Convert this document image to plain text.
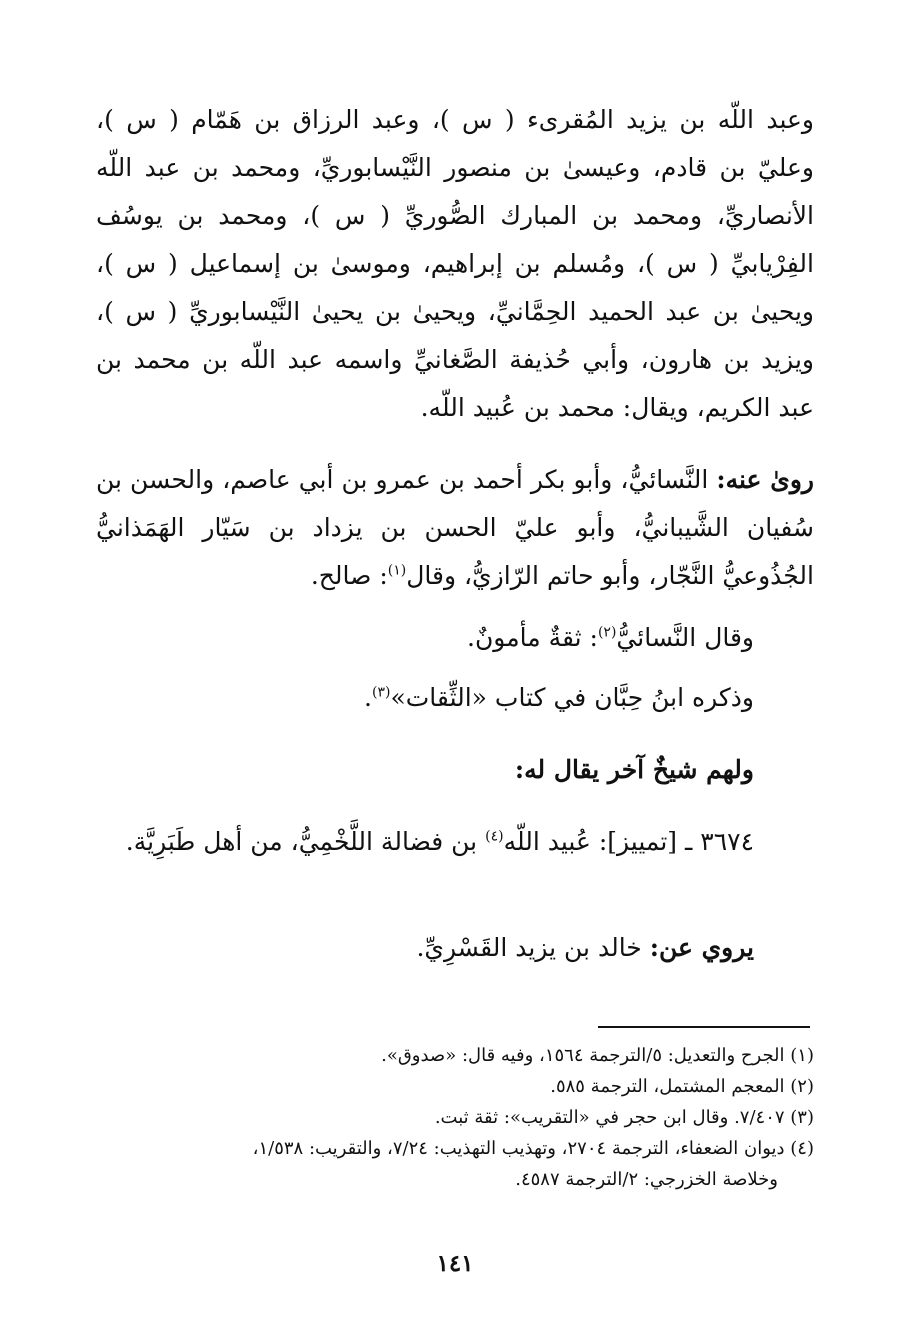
وعبد اللّه بن يزيد المُقرىء ( س )، وعبد الرزاق بن هَمّام ( س )، وعليّ بن قادم، وعيسىٰ بن منصور النَّيْسابوريِّ، ومحمد بن عبد اللّه الأنصاريِّ، ومحمد بن المبارك الصُّوريِّ ( س )، ومحمد بن يوسُف الفِرْيابيِّ ( س )، ومُسلم بن إبراهيم، وموسىٰ بن إسماعيل ( س )، ويحيىٰ بن عبد الحميد الحِمَّانيِّ، ويحيىٰ بن يحيىٰ النَّيْسابوريِّ ( س )، ويزيد بن هارون، وأبي حُذيفة الصَّغانيِّ واسمه عبد اللّه بن محمد بن عبد الكريم، ويقال: محمد بن عُبيد اللّه.
روىٰ عنه: النَّسائيُّ، وأبو بكر أحمد بن عمرو بن أبي عاصم، والحسن بن سُفيان الشَّيبانيُّ، وأبو عليّ الحسن بن يزداد بن سَيّار الهَمَذانيُّ الجُذُوعيُّ النَّجّار، وأبو حاتم الرّازيُّ، وقال$^{(١)}$: صالح.
وقال النَّسائيُّ$^{(٢)}$: ثقةٌ مأمونٌ.
وذكره ابنُ حِبَّان في كتاب «الثِّقات»$^{(٣)}$.
ولهم شيخٌ آخر يقال له:
٣٦٧٤ ـ [تمييز]: عُبيد اللّه$^{(٤)}$ بن فضالة اللَّخْمِيُّ، من أهل طَبَرِيَّة.
يروي عن: خالد بن يزيد القَسْرِيِّ.
(١) الجرح والتعديل: ٥/الترجمة ١٥٦٤، وفيه قال: «صدوق».
(٢) المعجم المشتمل، الترجمة ٥٨٥.
(٣) ٧/٤٠٧. وقال ابن حجر في «التقريب»: ثقة ثبت.
(٤) ديوان الضعفاء، الترجمة ٢٧٠٤، وتهذيب التهذيب: ٧/٢٤، والتقريب: ١/٥٣٨،
وخلاصة الخزرجي: ٢/الترجمة ٤٥٨٧.
١٤١
